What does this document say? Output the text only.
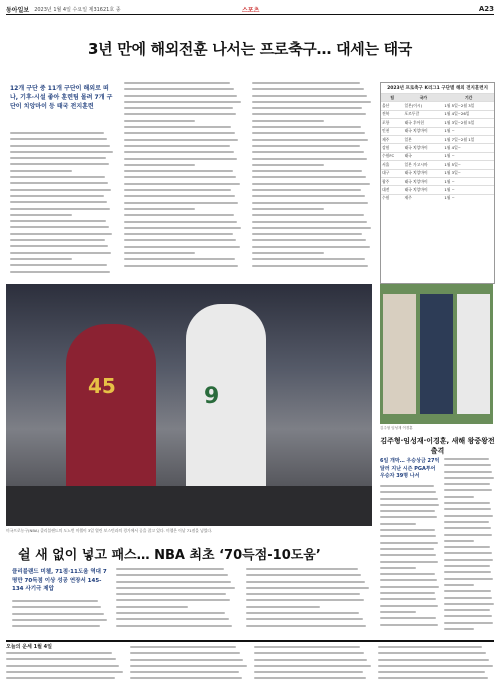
동아일보 2023년 1월 4일 수요일 제31621호 종	스포츠	A23
3년 만에 해외전훈 나서는 프로축구… 대세는 태국
12개 구단 중 11개 구단이 해외로 떠나, 기후·시설 좋아 훈련팀 몰려 7개 구단이 치앙마이 등 태국 전지훈련
2023년 프로축구 K리그1 구단별 해외 전지훈련지
팀	국가	기간
울산	일본(이시)	1월 5일~2월 3일
전북	포르투갈	1월 4일~26일
포항	태국 후아힌	1월 3일~2월 5일
인천	태국 치앙마이	1월 ~
제주	일본	1월 7일~2월 1일
강원	태국 치앙마이	1월 4일~
수원FC	태국	1월 ~
서울	일본 가고시마	1월 5일~
대구	태국 치앙마이	1월 3일~
광주	태국 치앙마이	1월 ~
대전	태국 치앙마이	1월 ~
수원	제주	1월 ~
45	9
미국프로농구(NBA) 클리블랜드의 도노번 미첼이 3일 열린 보스턴과의 경기에서 공을 잡고 있다. 미첼은 이날 71점을 넣었다.
쉴 새 없이 넣고 패스… NBA 최초 ‘70득점-10도움’
클리블랜드 미첼, 71점·11도움 역대 7명만 70득점 이상 성공 연장서 145-134 사기극 제압
김주형 임성재 이경훈
김주형·임성재·이경훈, 새해 왕중왕전 출격
6일 개막… 우승상금 27억 달러 지난 시즌 PGA투어 우승자 39명 나서
오늘의 운세 1월 4일
